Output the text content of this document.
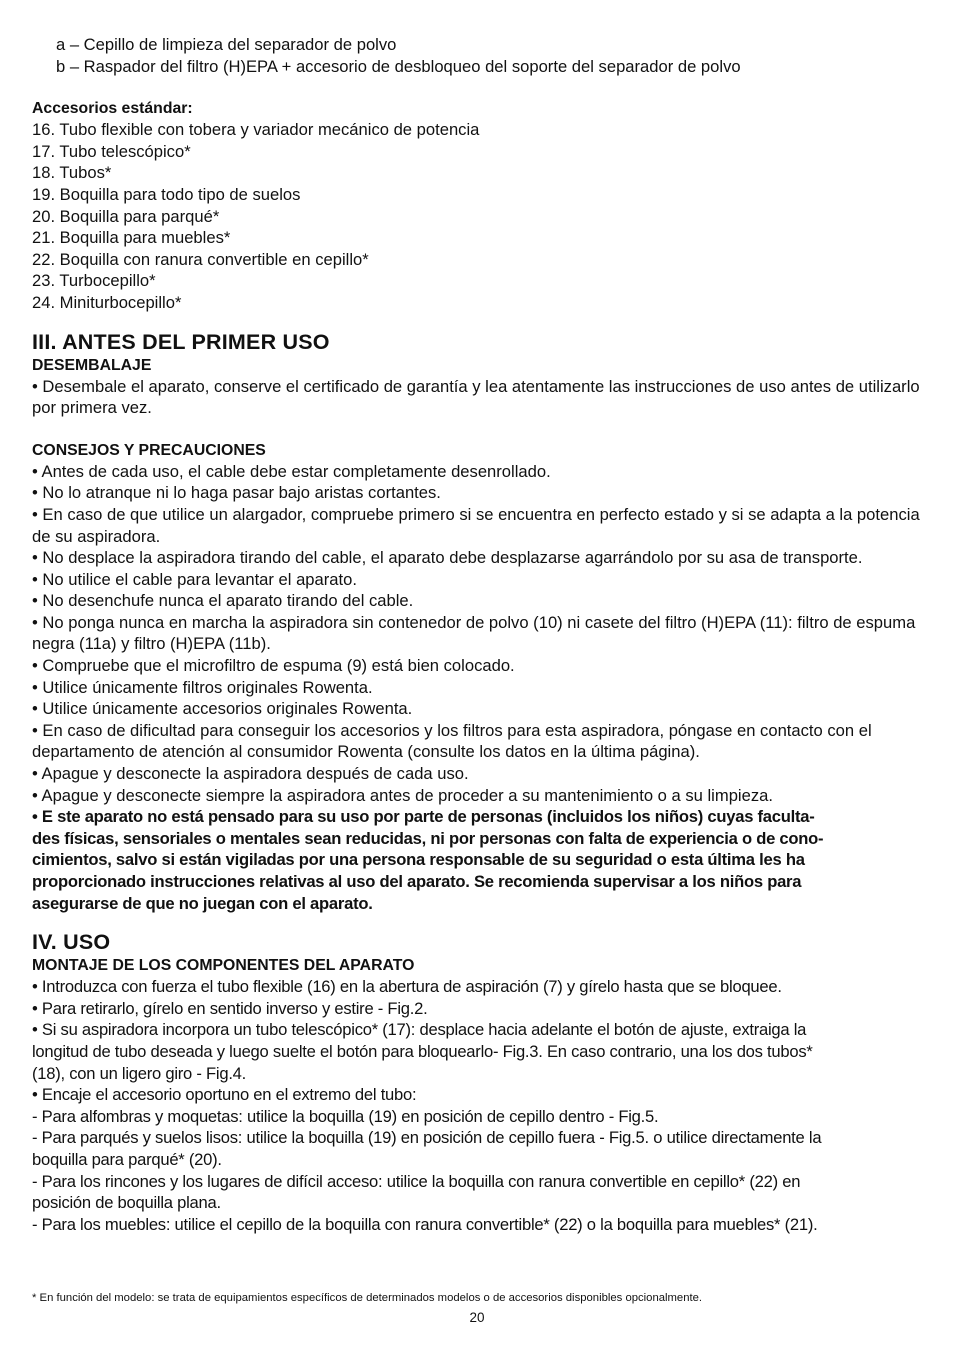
a – Cepillo de limpieza del separador de polvo
b – Raspador del filtro (H)EPA + accesorio de desbloqueo del soporte del separador de polvo
Accesorios estándar:
16. Tubo flexible con tobera y variador mecánico de potencia
17. Tubo telescópico*
18. Tubos*
19. Boquilla para todo tipo de suelos
20. Boquilla para parqué*
21. Boquilla para muebles*
22. Boquilla con ranura convertible en cepillo*
23. Turbocepillo*
24. Miniturbocepillo*
III. ANTES DEL PRIMER USO
DESEMBALAJE
• Desembale el aparato, conserve el certificado de garantía y lea atentamente las instrucciones de uso antes de utilizarlo por primera vez.
CONSEJOS Y PRECAUCIONES
• Antes de cada uso, el cable debe estar completamente desenrollado.
• No lo atranque ni lo haga pasar bajo aristas cortantes.
• En caso de que utilice un alargador, compruebe primero si se encuentra en perfecto estado y si se adapta a la potencia de su aspiradora.
• No desplace la aspiradora tirando del cable, el aparato debe desplazarse agarrándolo por su asa de transporte.
• No utilice el cable para levantar el aparato.
• No desenchufe nunca el aparato tirando del cable.
• No ponga nunca en marcha la aspiradora sin contenedor de polvo (10) ni casete del filtro (H)EPA (11): filtro de espuma negra (11a) y filtro (H)EPA (11b).
• Compruebe que el microfiltro de espuma (9) está bien colocado.
• Utilice únicamente filtros originales Rowenta.
• Utilice únicamente accesorios originales Rowenta.
• En caso de dificultad para conseguir los accesorios y los filtros para esta aspiradora, póngase en contacto con el departamento de atención al consumidor Rowenta (consulte los datos en la última página).
• Apague y desconecte la aspiradora después de cada uso.
• Apague y desconecte siempre la aspiradora antes de proceder a su mantenimiento o a su limpieza.
• E ste aparato no está pensado para su uso por parte de personas (incluidos los niños) cuyas faculta-
des físicas, sensoriales o mentales sean reducidas, ni por personas con falta de experiencia o de cono-
cimientos, salvo si están vigiladas por una persona responsable de su seguridad o esta última les ha
proporcionado instrucciones relativas al uso del aparato. Se recomienda supervisar a los niños para
asegurarse de que no juegan con el aparato.
IV. USO
MONTAJE DE LOS COMPONENTES DEL APARATO
• Introduzca con fuerza el tubo flexible (16) en la abertura de aspiración (7) y gírelo hasta que se bloquee.
• Para retirarlo, gírelo en sentido inverso y estire - Fig.2.
• Si su aspiradora incorpora un tubo telescópico* (17): desplace hacia adelante el botón de ajuste, extraiga la
longitud de tubo deseada y luego suelte el botón para bloquearlo- Fig.3. En caso contrario, una los dos tubos*
(18), con un ligero giro - Fig.4.
• Encaje el accesorio oportuno en el extremo del tubo:
- Para alfombras y moquetas: utilice la boquilla (19) en posición de cepillo dentro - Fig.5.
- Para parqués y suelos lisos: utilice la boquilla (19) en posición de cepillo fuera - Fig.5. o utilice directamente la
boquilla para parqué* (20).
- Para los rincones y los lugares de difícil acceso: utilice la boquilla con ranura convertible en cepillo* (22) en
posición de boquilla plana.
- Para los muebles: utilice el cepillo de la boquilla con ranura convertible* (22) o la boquilla para muebles* (21).
* En función del modelo: se trata de equipamientos específicos de determinados modelos o de accesorios disponibles opcionalmente.
20
